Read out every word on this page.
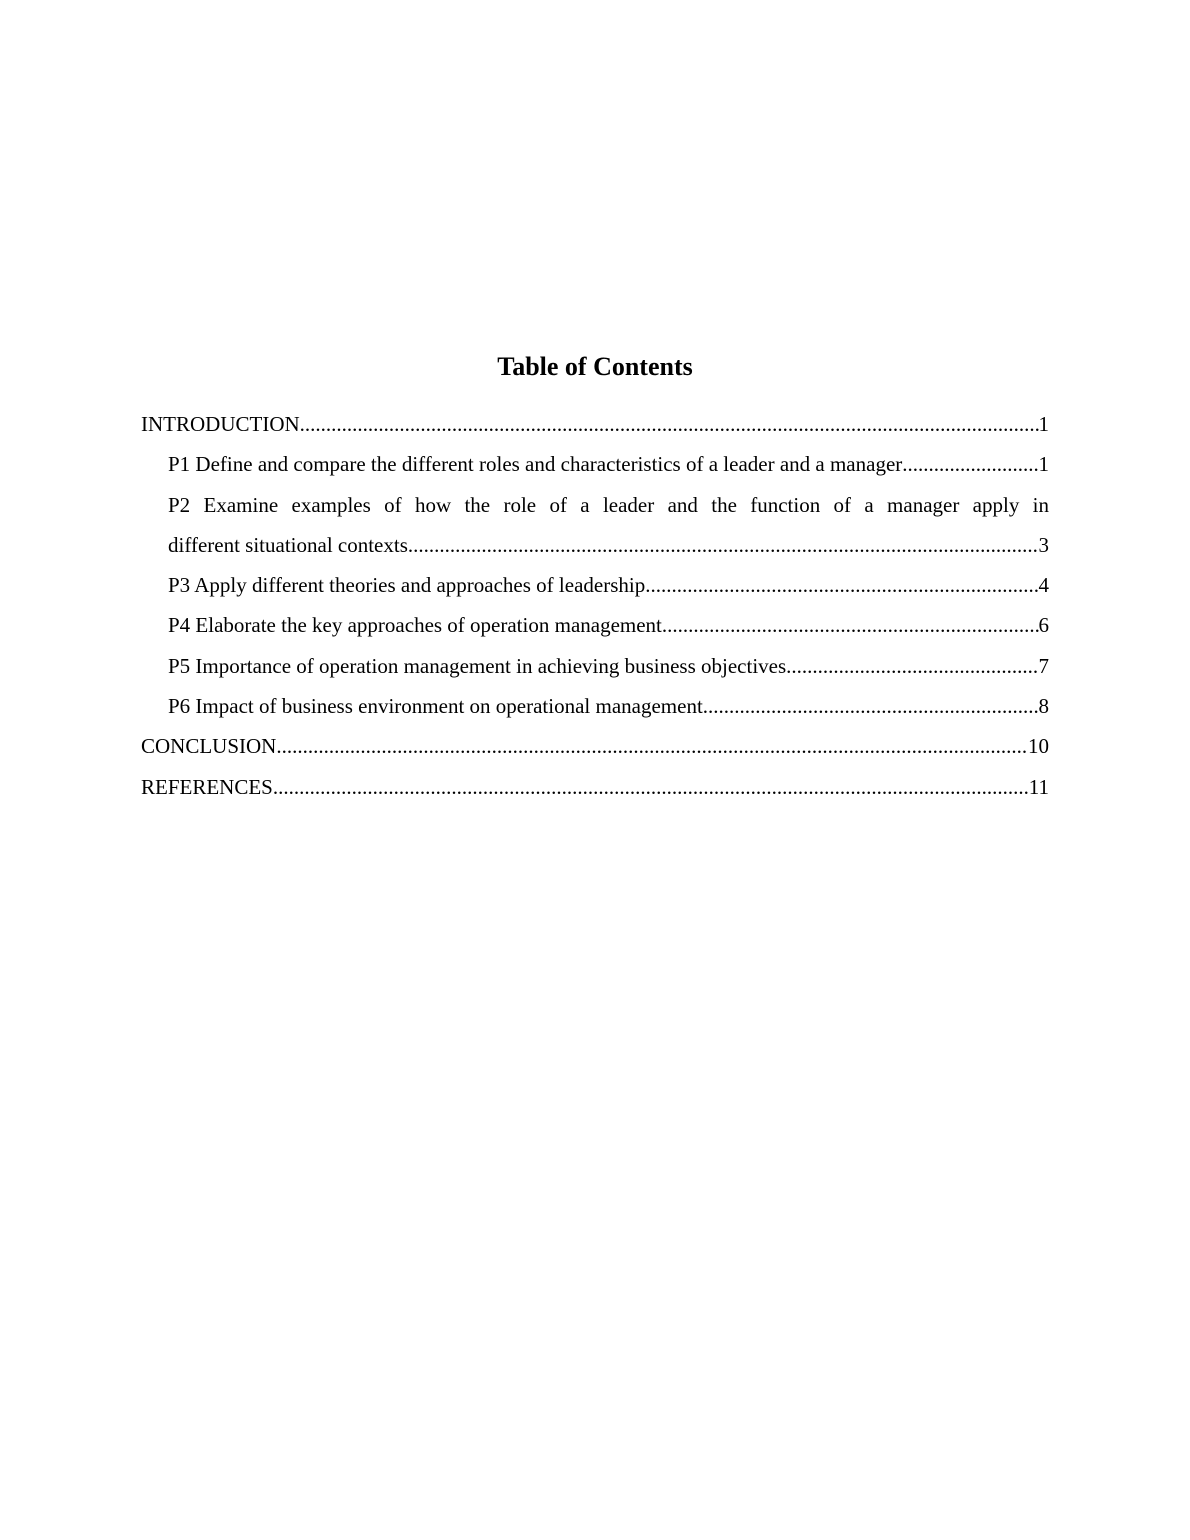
Table of Contents
INTRODUCTION .....	1
P1 Define and compare the different roles and characteristics of a leader and a manager .....	1
P2 Examine examples of how the role of a leader and the function of a manager apply in
different situational contexts .....	3
P3 Apply different theories and approaches of leadership .....	4
P4 Elaborate the key approaches of operation management .....	6
P5 Importance of operation management in achieving business objectives .....	7
P6 Impact of business environment on operational management .....	8
CONCLUSION .....	10
REFERENCES .....	11
